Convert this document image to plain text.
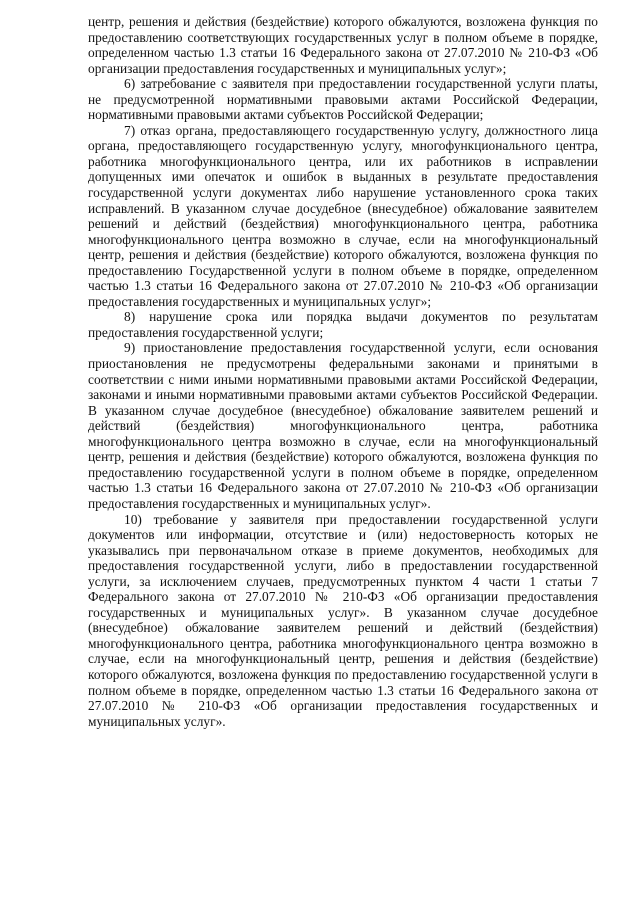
центр, решения и действия (бездействие) которого обжалуются, возложена функция по предоставлению соответствующих государственных услуг в полном объеме в порядке, определенном частью 1.3 статьи 16 Федерального закона от 27.07.2010 № 210-ФЗ «Об организации предоставления государственных и муниципальных услуг»;

6) затребование с заявителя при предоставлении государственной услуги платы, не предусмотренной нормативными правовыми актами Российской Федерации, нормативными правовыми актами субъектов Российской Федерации;

7) отказ органа, предоставляющего государственную услугу, должностного лица органа, предоставляющего государственную услугу, многофункционального центра, работника многофункционального центра, или их работников в исправлении допущенных ими опечаток и ошибок в выданных в результате предоставления государственной услуги документах либо нарушение установленного срока таких исправлений. В указанном случае досудебное (внесудебное) обжалование заявителем решений и действий (бездействия) многофункционального центра, работника многофункционального центра возможно в случае, если на многофункциональный центр, решения и действия (бездействие) которого обжалуются, возложена функция по предоставлению Государственной услуги в полном объеме в порядке, определенном частью 1.3 статьи 16 Федерального закона от 27.07.2010 № 210-ФЗ «Об организации предоставления государственных и муниципальных услуг»;

8) нарушение срока или порядка выдачи документов по результатам предоставления государственной услуги;

9) приостановление предоставления государственной услуги, если основания приостановления не предусмотрены федеральными законами и принятыми в соответствии с ними иными нормативными правовыми актами Российской Федерации, законами и иными нормативными правовыми актами субъектов Российской Федерации. В указанном случае досудебное (внесудебное) обжалование заявителем решений и действий (бездействия) многофункционального центра, работника многофункционального центра возможно в случае, если на многофункциональный центр, решения и действия (бездействие) которого обжалуются, возложена функция по предоставлению государственной услуги в полном объеме в порядке, определенном частью 1.3 статьи 16 Федерального закона от 27.07.2010 № 210-ФЗ «Об организации предоставления государственных и муниципальных услуг».

10) требование у заявителя при предоставлении государственной услуги документов или информации, отсутствие и (или) недостоверность которых не указывались при первоначальном отказе в приеме документов, необходимых для предоставления государственной услуги, либо в предоставлении государственной услуги, за исключением случаев, предусмотренных пунктом 4 части 1 статьи 7 Федерального закона от 27.07.2010 № 210-ФЗ «Об организации предоставления государственных и муниципальных услуг». В указанном случае досудебное (внесудебное) обжалование заявителем решений и действий (бездействия) многофункционального центра, работника многофункционального центра возможно в случае, если на многофункциональный центр, решения и действия (бездействие) которого обжалуются, возложена функция по предоставлению государственной услуги в полном объеме в порядке, определенном частью 1.3 статьи 16 Федерального закона от 27.07.2010 № 210-ФЗ «Об организации предоставления государственных и муниципальных услуг».
